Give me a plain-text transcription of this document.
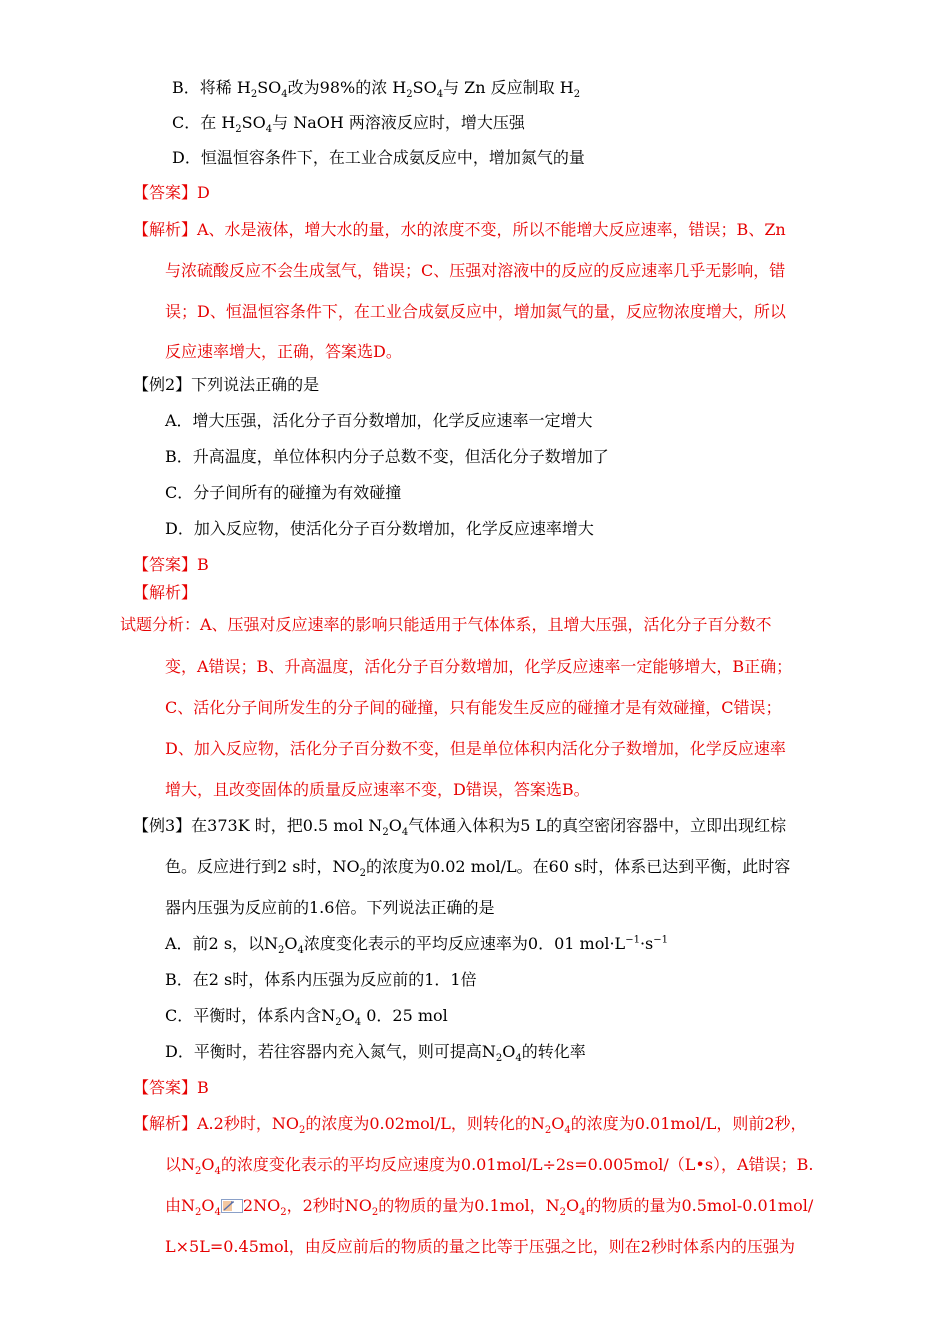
B．将稀 $H_2SO_4$改为98%的浓 $H_2SO_4$与 Zn 反应制取 $H_2$
C．在 $H_2SO_4$与 NaOH 两溶液反应时，增大压强
D．恒温恒容条件下，在工业合成氨反应中，增加氮气的量
【答案】D
【解析】A、水是液体，增大水的量，水的浓度不变，所以不能增大反应速率，错误；B、Zn
与浓硫酸反应不会生成氢气，错误；C、压强对溶液中的反应的反应速率几乎无影响，错
误；D、恒温恒容条件下，在工业合成氨反应中，增加氮气的量，反应物浓度增大，所以
反应速率增大，正确，答案选D。
【例2】下列说法正确的是
A．增大压强，活化分子百分数增加，化学反应速率一定增大
B．升高温度，单位体积内分子总数不变，但活化分子数增加了
C．分子间所有的碰撞为有效碰撞
D．加入反应物，使活化分子百分数增加，化学反应速率增大
【答案】B
【解析】
试题分析：A、压强对反应速率的影响只能适用于气体体系，且增大压强，活化分子百分数不
变，A错误；B、升高温度，活化分子百分数增加，化学反应速率一定能够增大，B正确；
C、活化分子间所发生的分子间的碰撞，只有能发生反应的碰撞才是有效碰撞，C错误；
D、加入反应物，活化分子百分数不变，但是单位体积内活化分子数增加，化学反应速率
增大，且改变固体的质量反应速率不变，D错误，答案选B。
【例3】在373K 时，把0.5 mol $N_2O_4$气体通入体积为5 L的真空密闭容器中，立即出现红棕
色。反应进行到2 s时，$NO_2$的浓度为0.02 mol/L。在60 s时，体系已达到平衡，此时容
器内压强为反应前的1.6倍。下列说法正确的是
A．前2 s，以$N_2O_4$浓度变化表示的平均反应速率为0．01 $mol\cdot L^{-1}\cdot s^{-1}$
B．在2 s时，体系内压强为反应前的1．1倍
C．平衡时，体系内含$N_2O_4$ 0．25 mol
D．平衡时，若往容器内充入氮气，则可提高$N_2O_4$的转化率
【答案】B
【解析】A.2秒时，$NO_2$的浓度为0.02mol/L，则转化的$N_2O_4$的浓度为0.01mol/L，则前2秒，
以$N_2O_4$的浓度变化表示的平均反应速度为0.01mol/L÷2s=0.005mol/（L•s），A错误；B.
由$N_2O_4$ $2NO_2$，2秒时$NO_2$的物质的量为0.1mol，$N_2O_4$的物质的量为0.5mol-0.01mol/
L×5L=0.45mol，由反应前后的物质的量之比等于压强之比，则在2秒时体系内的压强为
